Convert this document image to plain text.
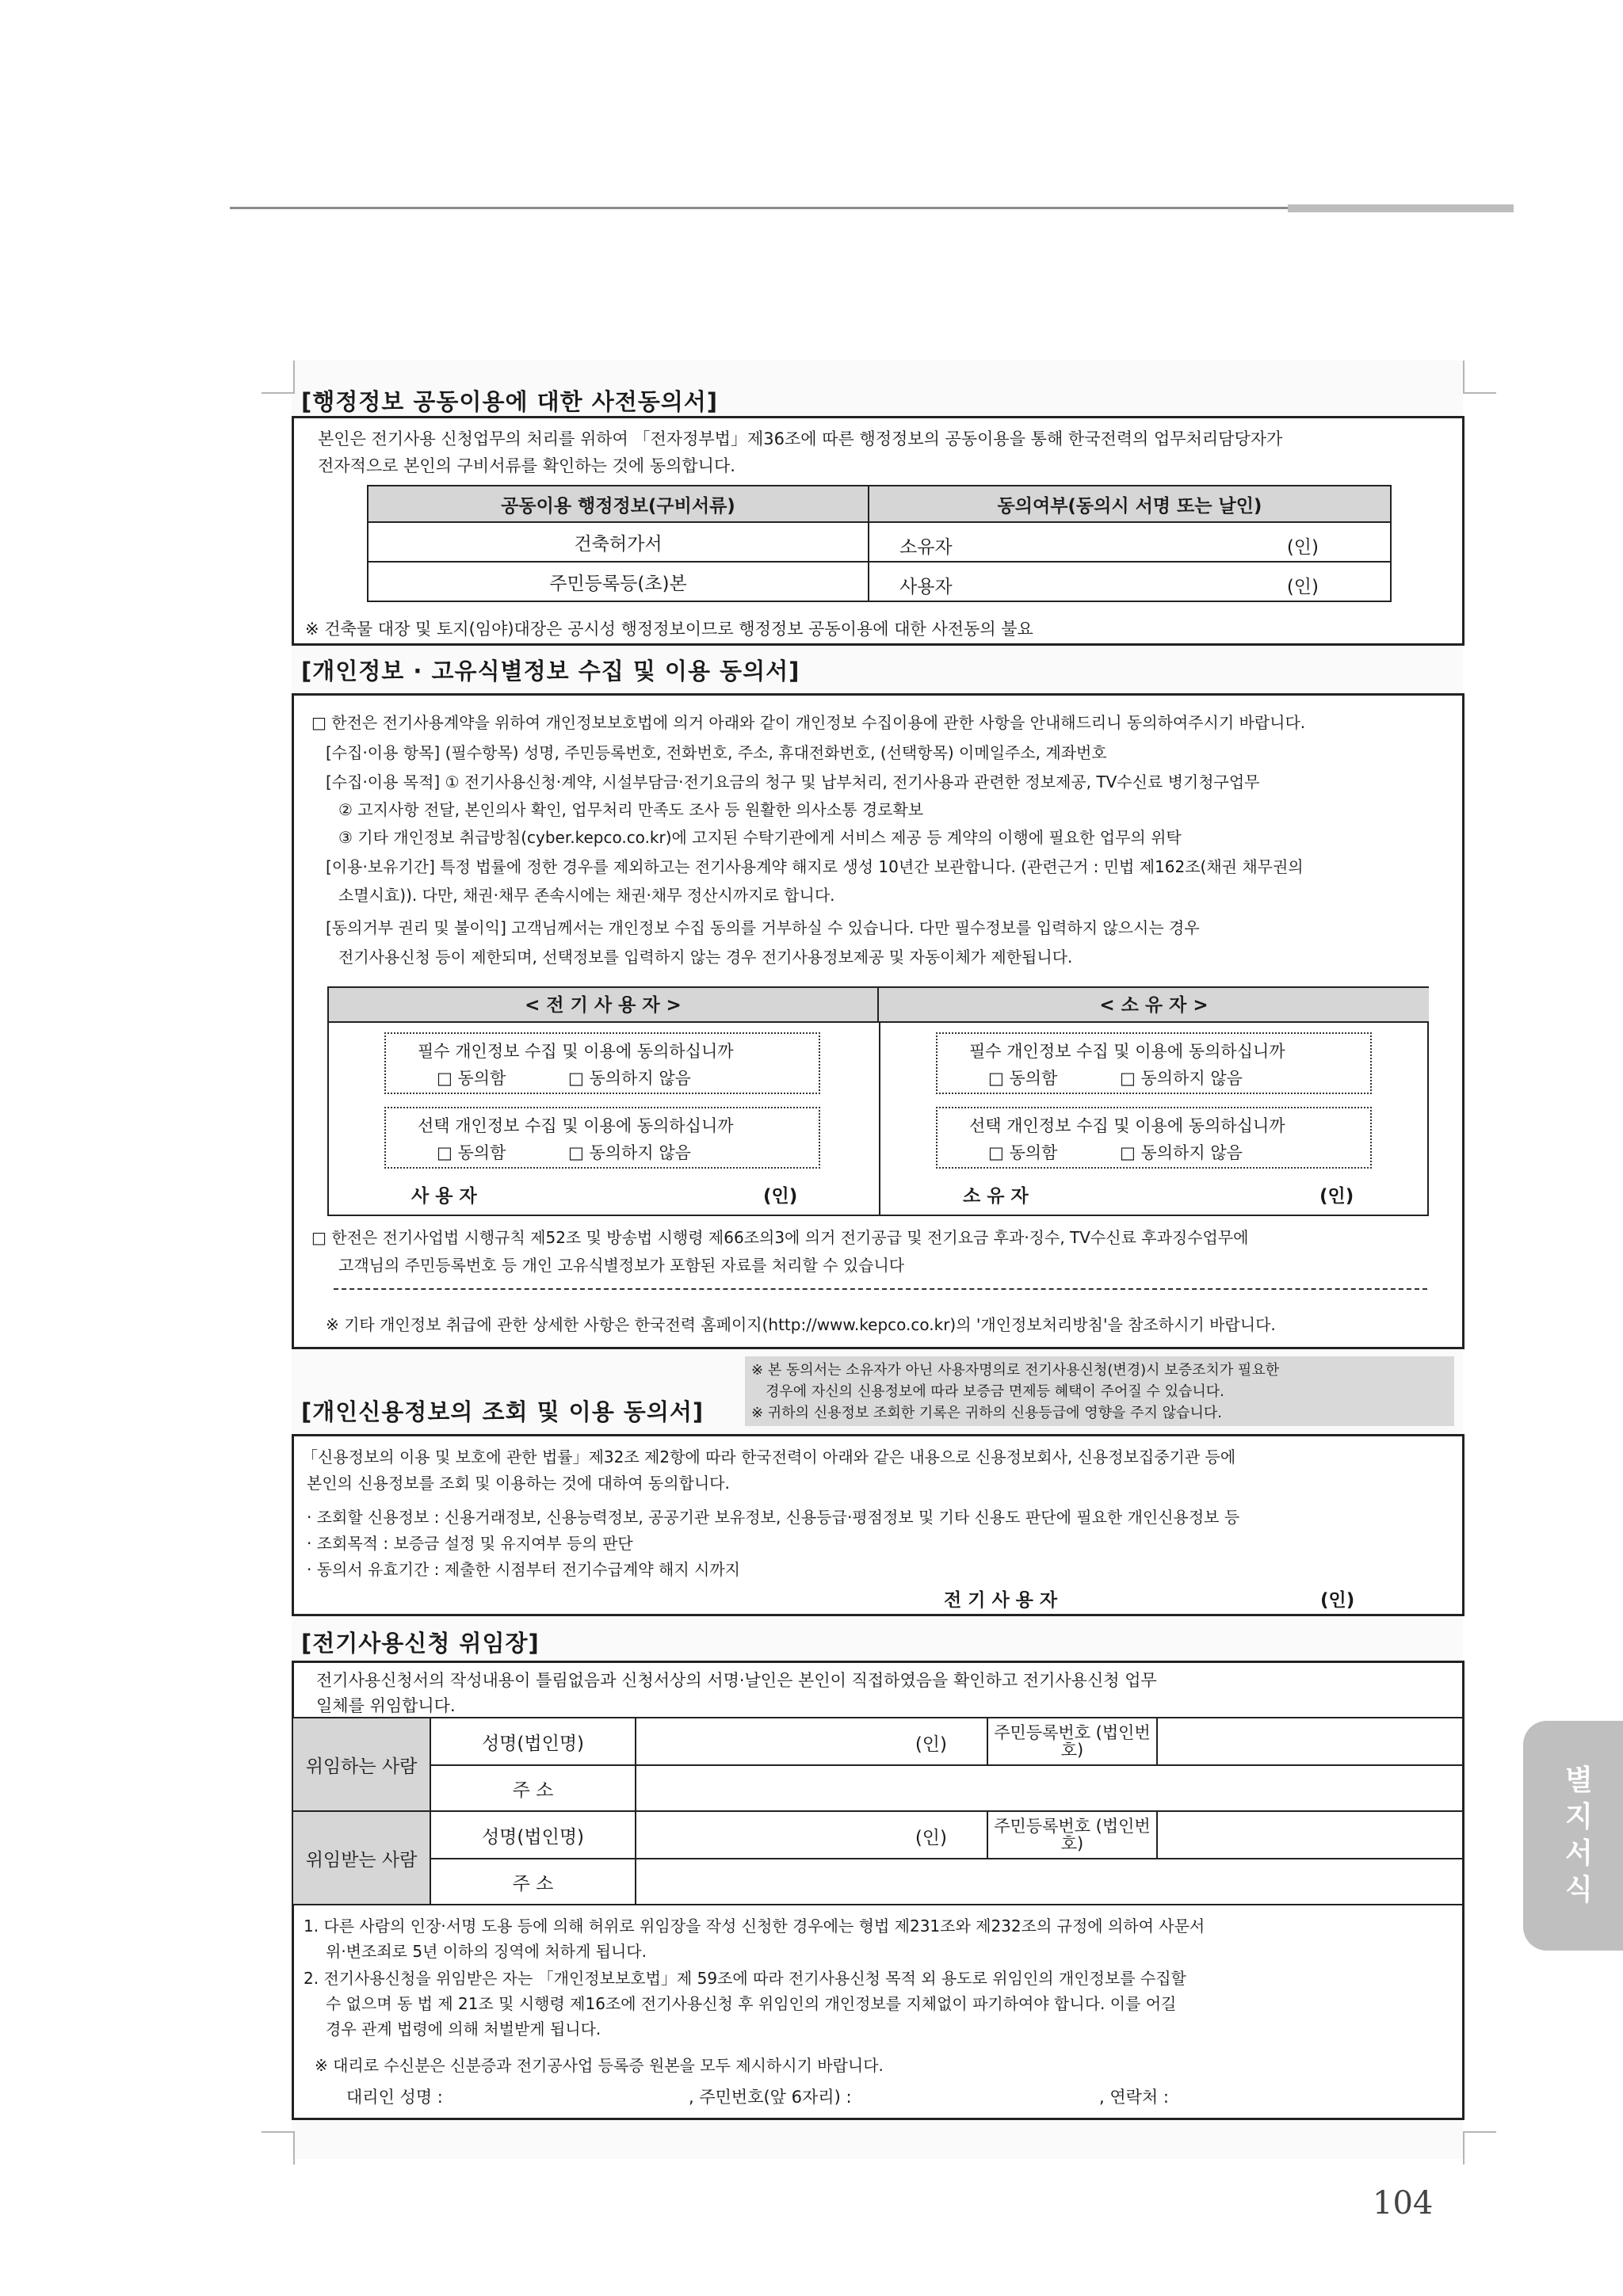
[행정정보 공동이용에 대한 사전동의서]
본인은 전기사용 신청업무의 처리를 위하여 「전자정부법」제36조에 따른 행정정보의 공동이용을 통해 한국전력의 업무처리담당자가
전자적으로 본인의 구비서류를 확인하는 것에 동의합니다.
공동이용 행정정보(구비서류)	동의여부(동의시 서명 또는 날인)
건축허가서	소유자 (인)

주민등록등(초)본	사용자 (인)
※ 건축물 대장 및 토지(임야)대장은 공시성 행정정보이므로 행정정보 공동이용에 대한 사전동의 불요
[개인정보 · 고유식별정보 수집 및 이용 동의서]
□ 한전은 전기사용계약을 위하여 개인정보보호법에 의거 아래와 같이 개인정보 수집이용에 관한 사항을 안내해드리니 동의하여주시기 바랍니다.
[수집·이용 항목] (필수항목) 성명, 주민등록번호, 전화번호, 주소, 휴대전화번호, (선택항목) 이메일주소, 계좌번호
[수집·이용 목적] ① 전기사용신청·계약, 시설부담금·전기요금의 청구 및 납부처리, 전기사용과 관련한 정보제공, TV수신료 병기청구업무
② 고지사항 전달, 본인의사 확인, 업무처리 만족도 조사 등 원활한 의사소통 경로확보
③ 기타 개인정보 취급방침(cyber.kepco.co.kr)에 고지된 수탁기관에게 서비스 제공 등 계약의 이행에 필요한 업무의 위탁
[이용·보유기간] 특정 법률에 정한 경우를 제외하고는 전기사용계약 해지로 생성 10년간 보관합니다. (관련근거 : 민법 제162조(채권 채무권의
소멸시효)). 다만, 채권·채무 존속시에는 채권·채무 정산시까지로 합니다.
[동의거부 권리 및 불이익] 고객님께서는 개인정보 수집 동의를 거부하실 수 있습니다. 다만 필수정보를 입력하지 않으시는 경우
전기사용신청 등이 제한되며, 선택정보를 입력하지 않는 경우 전기사용정보제공 및 자동이체가 제한됩니다.
< 전 기 사 용 자 >	< 소 유 자 >
필수 개인정보 수집 및 이용에 동의하십니까
□ 동의함	□ 동의하지 않음
선택 개인정보 수집 및 이용에 동의하십니까
□ 동의함	□ 동의하지 않음
사 용 자	(인)
필수 개인정보 수집 및 이용에 동의하십니까
□ 동의함	□ 동의하지 않음
선택 개인정보 수집 및 이용에 동의하십니까
□ 동의함	□ 동의하지 않음
소 유 자	(인)
□ 한전은 전기사업법 시행규칙 제52조 및 방송법 시행령 제66조의3에 의거 전기공급 및 전기요금 후과·징수, TV수신료 후과징수업무에
고객님의 주민등록번호 등 개인 고유식별정보가 포함된 자료를 처리할 수 있습니다
※ 기타 개인정보 취급에 관한 상세한 사항은 한국전력 홈페이지(http://www.kepco.co.kr)의 '개인정보처리방침'을 참조하시기 바랍니다.
※ 본 동의서는 소유자가 아닌 사용자명의로 전기사용신청(변경)시 보증조치가 필요한
경우에 자신의 신용정보에 따라 보증금 면제등 혜택이 주어질 수 있습니다.
※ 귀하의 신용정보 조회한 기록은 귀하의 신용등급에 영향을 주지 않습니다.
[개인신용정보의 조회 및 이용 동의서]
「신용정보의 이용 및 보호에 관한 법률」제32조 제2항에 따라 한국전력이 아래와 같은 내용으로 신용정보회사, 신용정보집중기관 등에
본인의 신용정보를 조회 및 이용하는 것에 대하여 동의합니다.
· 조회할 신용정보 : 신용거래정보, 신용능력정보, 공공기관 보유정보, 신용등급·평점정보 및 기타 신용도 판단에 필요한 개인신용정보 등
· 조회목적 : 보증금 설정 및 유지여부 등의 판단
· 동의서 유효기간 : 제출한 시점부터 전기수급계약 해지 시까지
전 기 사 용 자	(인)
[전기사용신청 위임장]
전기사용신청서의 작성내용이 틀림없음과 신청서상의 서명·날인은 본인이 직접하였음을 확인하고 전기사용신청 업무
일체를 위임합니다.
위임하는 사람	성명(법인명)	(인)	주민등록번호 (법인번호)	
	주 소			
위임받는 사람	성명(법인명)	(인)	주민등록번호 (법인번호)	
	주 소			
1. 다른 사람의 인장·서명 도용 등에 의해 허위로 위임장을 작성 신청한 경우에는 형법 제231조와 제232조의 규정에 의하여 사문서
위·변조죄로 5년 이하의 징역에 처하게 됩니다.
2. 전기사용신청을 위임받은 자는 「개인정보보호법」제 59조에 따라 전기사용신청 목적 외 용도로 위임인의 개인정보를 수집할
수 없으며 동 법 제 21조 및 시행령 제16조에 전기사용신청 후 위임인의 개인정보를 지체없이 파기하여야 합니다. 이를 어길
경우 관계 법령에 의해 처벌받게 됩니다.
※ 대리로 수신분은 신분증과 전기공사업 등록증 원본을 모두 제시하시기 바랍니다.
대리인 성명 :	, 주민번호(앞 6자리) :	, 연락처 :
별지서식
104
